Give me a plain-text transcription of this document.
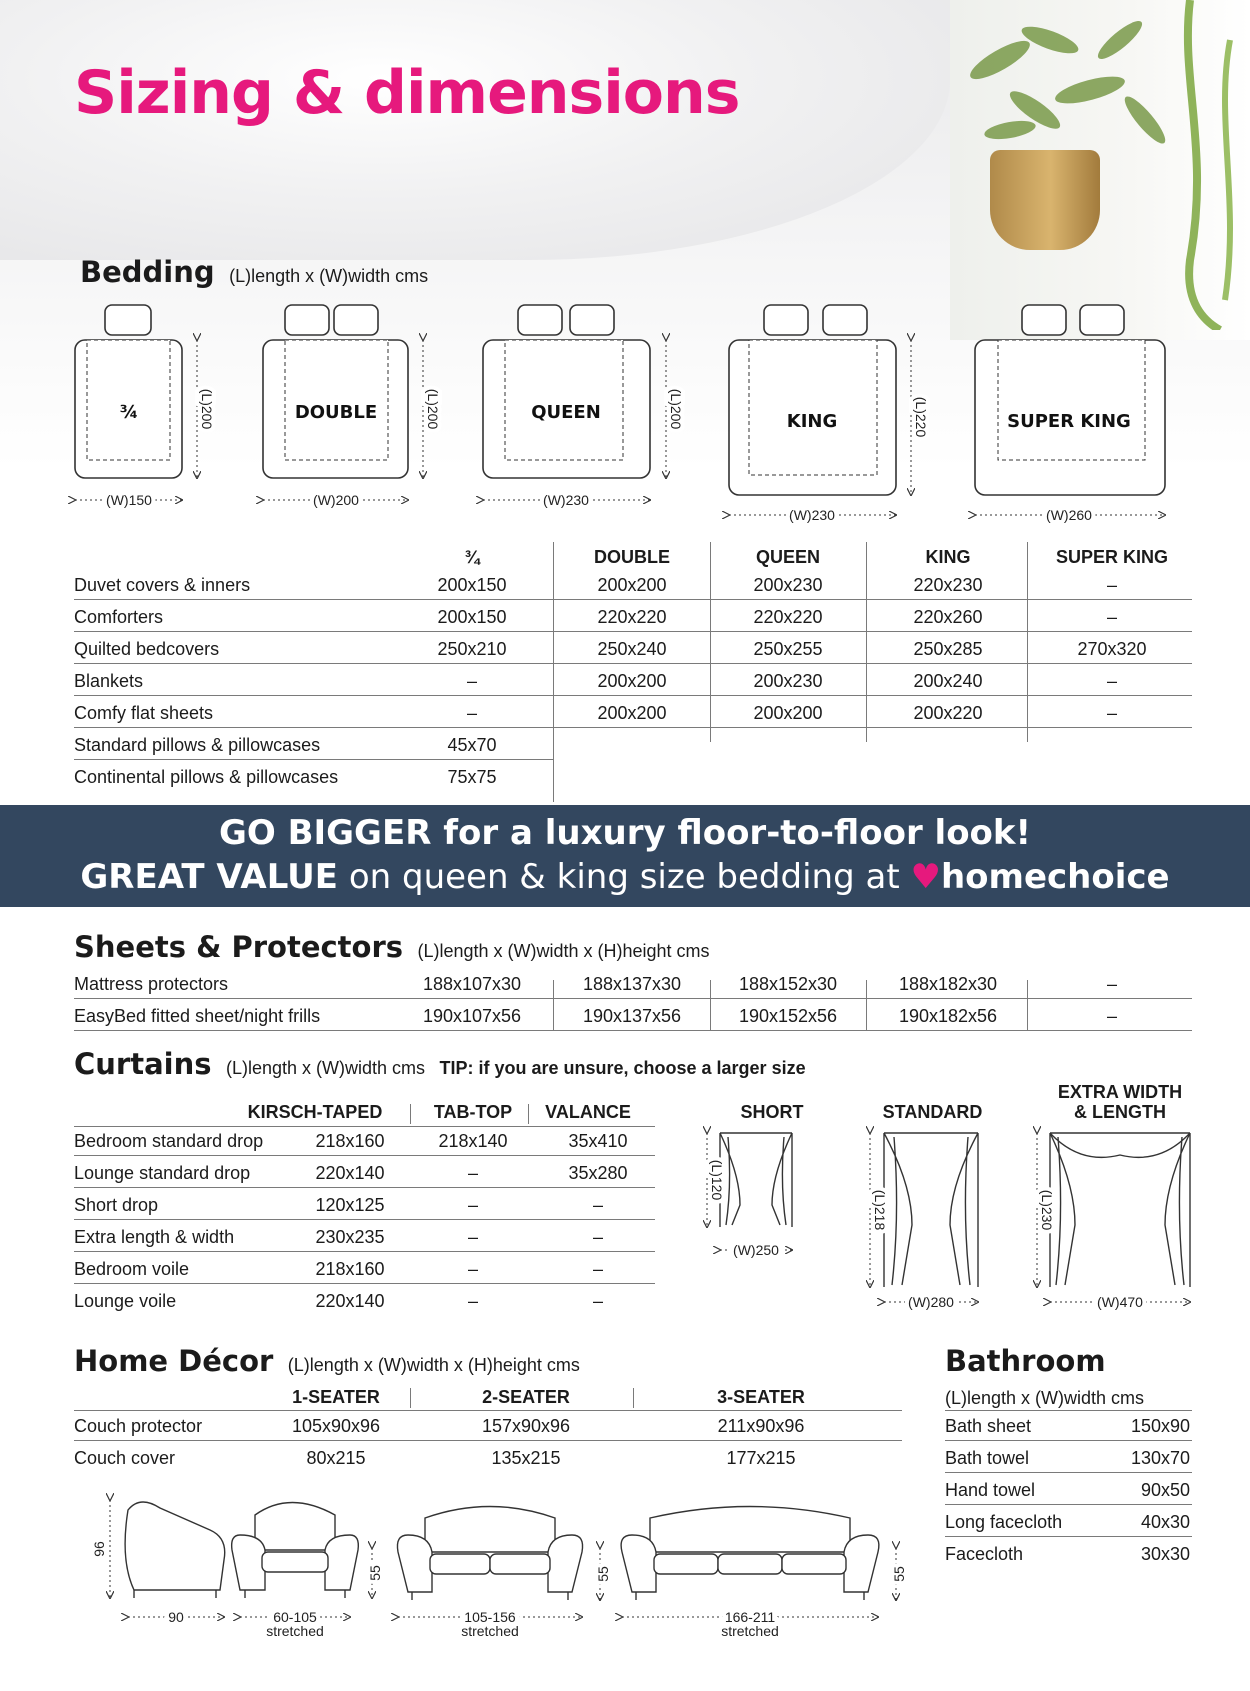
Sizing & dimensions
Bedding (L)length x (W)width cms
¾	DOUBLE	QUEEN	KING	SUPER KING
(W)150	(W)200	(W)230
(W)230	(W)260
(L)200	(L)200	(L)200	(L)220
¾	DOUBLE	QUEEN	KING	SUPER KING
Duvet covers & inners	200x150	200x200	200x230	220x230	–
Comforters	200x150	220x220	220x220	220x260	–
Quilted bedcovers	250x210	250x240	250x255	250x285	270x320
Blankets	–	200x200	200x230	200x240	–
Comfy flat sheets	–	200x200	200x200	200x220	–
Standard pillows & pillowcases	45x70
Continental pillows & pillowcases	75x75
GO BIGGER for a luxury floor-to-floor look!
GREAT VALUE on queen & king size bedding at ♥homechoice
Sheets & Protectors (L)length x (W)width x (H)height cms
Mattress protectors	188x107x30	188x137x30	188x152x30	188x182x30	–
EasyBed fitted sheet/night frills	190x107x56	190x137x56	190x152x56	190x182x56	–
Curtains (L)length x (W)width cms TIP: if you are unsure, choose a larger size
KIRSCH-TAPED	TAB-TOP	VALANCE
Bedroom standard drop	218x160	218x140	35x410
Lounge standard drop	220x140	–	35x280
Short drop	120x125	–	–
Extra length & width	230x235	–	–
Bedroom voile	218x160	–	–
Lounge voile	220x140	–	–
SHORT	STANDARD
EXTRA WIDTH
& LENGTH
(L)120
(W)250
(L)218
(W)280
(L)230
(W)470
Home Décor (L)length x (W)width x (H)height cms
1-SEATER	2-SEATER	3-SEATER
Couch protector	105x90x96	157x90x96	211x90x96
Couch cover	80x215	135x215	177x215
96
90
55
60-105
stretched
55
105-156
stretched
55
166-211
stretched
Bathroom
(L)length x (W)width cms
Bath sheet	150x90
Bath towel	130x70
Hand towel	90x50
Long facecloth	40x30
Facecloth	30x30
